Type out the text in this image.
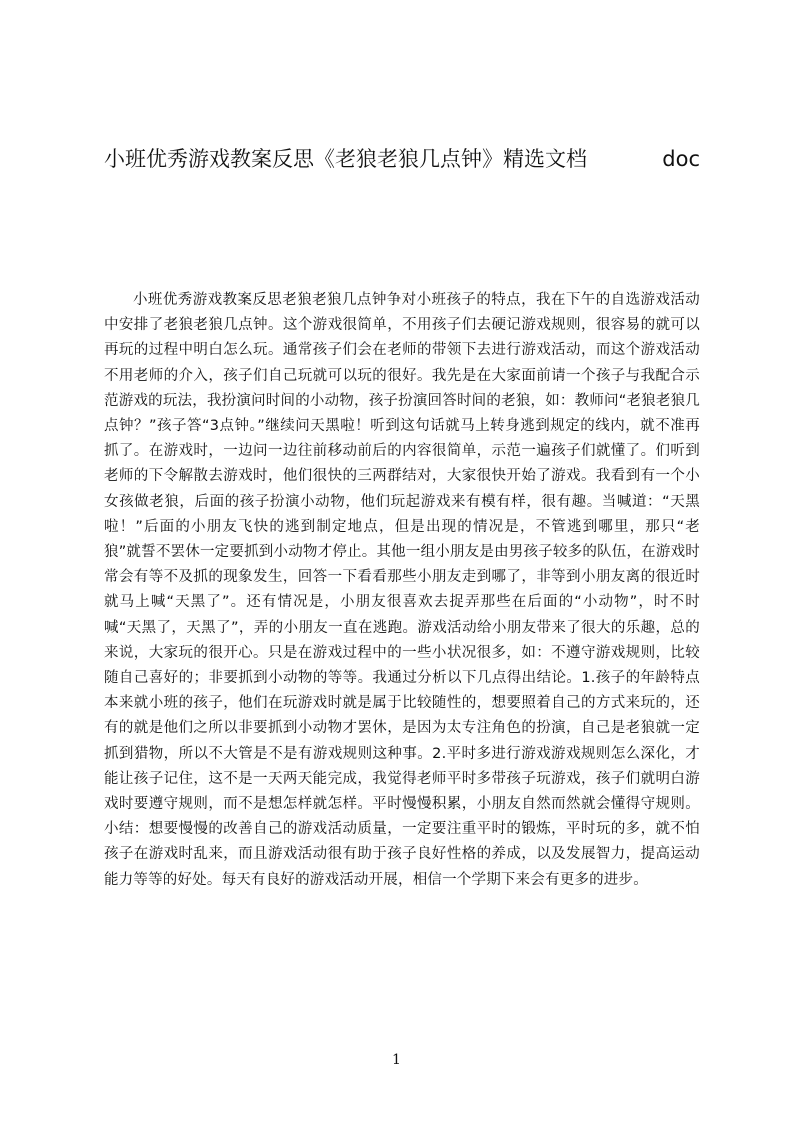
小班优秀游戏教案反思《老狼老狼几点钟》精选文档	doc

小班优秀游戏教案反思老狼老狼几点钟争对小班孩子的特点，我在下午的自选游戏活动中安排了老狼老狼几点钟。这个游戏很简单，不用孩子们去硬记游戏规则，很容易的就可以再玩的过程中明白怎么玩。通常孩子们会在老师的带领下去进行游戏活动，而这个游戏活动不用老师的介入，孩子们自己玩就可以玩的很好。我先是在大家面前请一个孩子与我配合示范游戏的玩法，我扮演问时间的小动物，孩子扮演回答时间的老狼，如：教师问“老狼老狼几点钟？”孩子答“3点钟。”继续问天黑啦！听到这句话就马上转身逃到规定的线内，就不准再抓了。在游戏时，一边问一边往前移动前后的内容很简单，示范一遍孩子们就懂了。们听到老师的下令解散去游戏时，他们很快的三两群结对，大家很快开始了游戏。我看到有一个小女孩做老狼，后面的孩子扮演小动物，他们玩起游戏来有模有样，很有趣。当喊道：“天黑啦！”后面的小朋友飞快的逃到制定地点，但是出现的情况是，不管逃到哪里，那只“老狼”就誓不罢休一定要抓到小动物才停止。其他一组小朋友是由男孩子较多的队伍，在游戏时常会有等不及抓的现象发生，回答一下看看那些小朋友走到哪了，非等到小朋友离的很近时就马上喊“天黑了”。还有情况是，小朋友很喜欢去捉弄那些在后面的“小动物”，时不时喊“天黑了，天黑了”，弄的小朋友一直在逃跑。游戏活动给小朋友带来了很大的乐趣，总的来说，大家玩的很开心。只是在游戏过程中的一些小状况很多，如：不遵守游戏规则，比较随自己喜好的；非要抓到小动物的等等。我通过分析以下几点得出结论。1.孩子的年龄特点本来就小班的孩子，他们在玩游戏时就是属于比较随性的，想要照着自己的方式来玩的，还有的就是他们之所以非要抓到小动物才罢休，是因为太专注角色的扮演，自己是老狼就一定抓到猎物，所以不大管是不是有游戏规则这种事。2.平时多进行游戏游戏规则怎么深化，才能让孩子记住，这不是一天两天能完成，我觉得老师平时多带孩子玩游戏，孩子们就明白游戏时要遵守规则，而不是想怎样就怎样。平时慢慢积累，小朋友自然而然就会懂得守规则。小结：想要慢慢的改善自己的游戏活动质量，一定要注重平时的锻炼，平时玩的多，就不怕孩子在游戏时乱来，而且游戏活动很有助于孩子良好性格的养成，以及发展智力，提高运动能力等等的好处。每天有良好的游戏活动开展，相信一个学期下来会有更多的进步。

1
